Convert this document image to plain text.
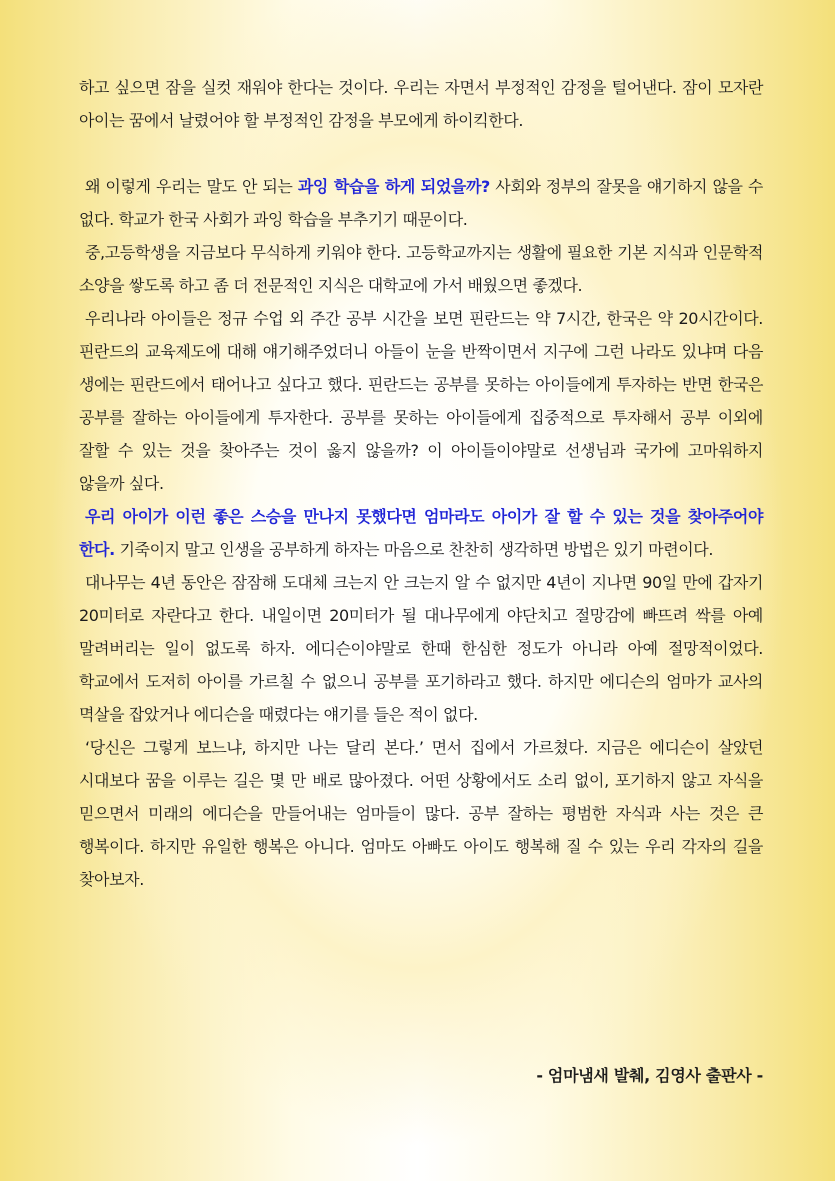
하고 싶으면 잠을 실컷 재워야 한다는 것이다. 우리는 자면서 부정적인 감정을 털어낸다. 잠이 모자란 아이는 꿈에서 날렸어야 할 부정적인 감정을 부모에게 하이킥한다.

왜 이렇게 우리는 말도 안 되는 과잉 학습을 하게 되었을까? 사회와 정부의 잘못을 얘기하지 않을 수 없다. 학교가 한국 사회가 과잉 학습을 부추기기 때문이다.

중,고등학생을 지금보다 무식하게 키워야 한다. 고등학교까지는 생활에 필요한 기본 지식과 인문학적 소양을 쌓도록 하고 좀 더 전문적인 지식은 대학교에 가서 배웠으면 좋겠다.

우리나라 아이들은 정규 수업 외 주간 공부 시간을 보면 핀란드는 약 7시간, 한국은 약 20시간이다. 핀란드의 교육제도에 대해 얘기해주었더니 아들이 눈을 반짝이면서 지구에 그런 나라도 있냐며 다음 생에는 핀란드에서 태어나고 싶다고 했다. 핀란드는 공부를 못하는 아이들에게 투자하는 반면 한국은 공부를 잘하는 아이들에게 투자한다. 공부를 못하는 아이들에게 집중적으로 투자해서 공부 이외에 잘할 수 있는 것을 찾아주는 것이 옳지 않을까? 이 아이들이야말로 선생님과 국가에 고마워하지 않을까 싶다.

우리 아이가 이런 좋은 스승을 만나지 못했다면 엄마라도 아이가 잘 할 수 있는 것을 찾아주어야 한다. 기죽이지 말고 인생을 공부하게 하자는 마음으로 찬찬히 생각하면 방법은 있기 마련이다.

대나무는 4년 동안은 잠잠해 도대체 크는지 안 크는지 알 수 없지만 4년이 지나면 90일 만에 갑자기 20미터로 자란다고 한다. 내일이면 20미터가 될 대나무에게 야단치고 절망감에 빠뜨려 싹를 아예 말려버리는 일이 없도록 하자. 에디슨이야말로 한때 한심한 정도가 아니라 아예 절망적이었다. 학교에서 도저히 아이를 가르칠 수 없으니 공부를 포기하라고 했다. 하지만 에디슨의 엄마가 교사의 멱살을 잡았거나 에디슨을 때렸다는 얘기를 들은 적이 없다.

‘당신은 그렇게 보느냐, 하지만 나는 달리 본다.’ 면서 집에서 가르쳤다. 지금은 에디슨이 살았던 시대보다 꿈을 이루는 길은 몇 만 배로 많아졌다. 어떤 상황에서도 소리 없이, 포기하지 않고 자식을 믿으면서 미래의 에디슨을 만들어내는 엄마들이 많다. 공부 잘하는 평범한 자식과 사는 것은 큰 행복이다. 하지만 유일한 행복은 아니다. 엄마도 아빠도 아이도 행복해 질 수 있는 우리 각자의 길을 찾아보자.

- 엄마냄새 발췌, 김영사 출판사 -
